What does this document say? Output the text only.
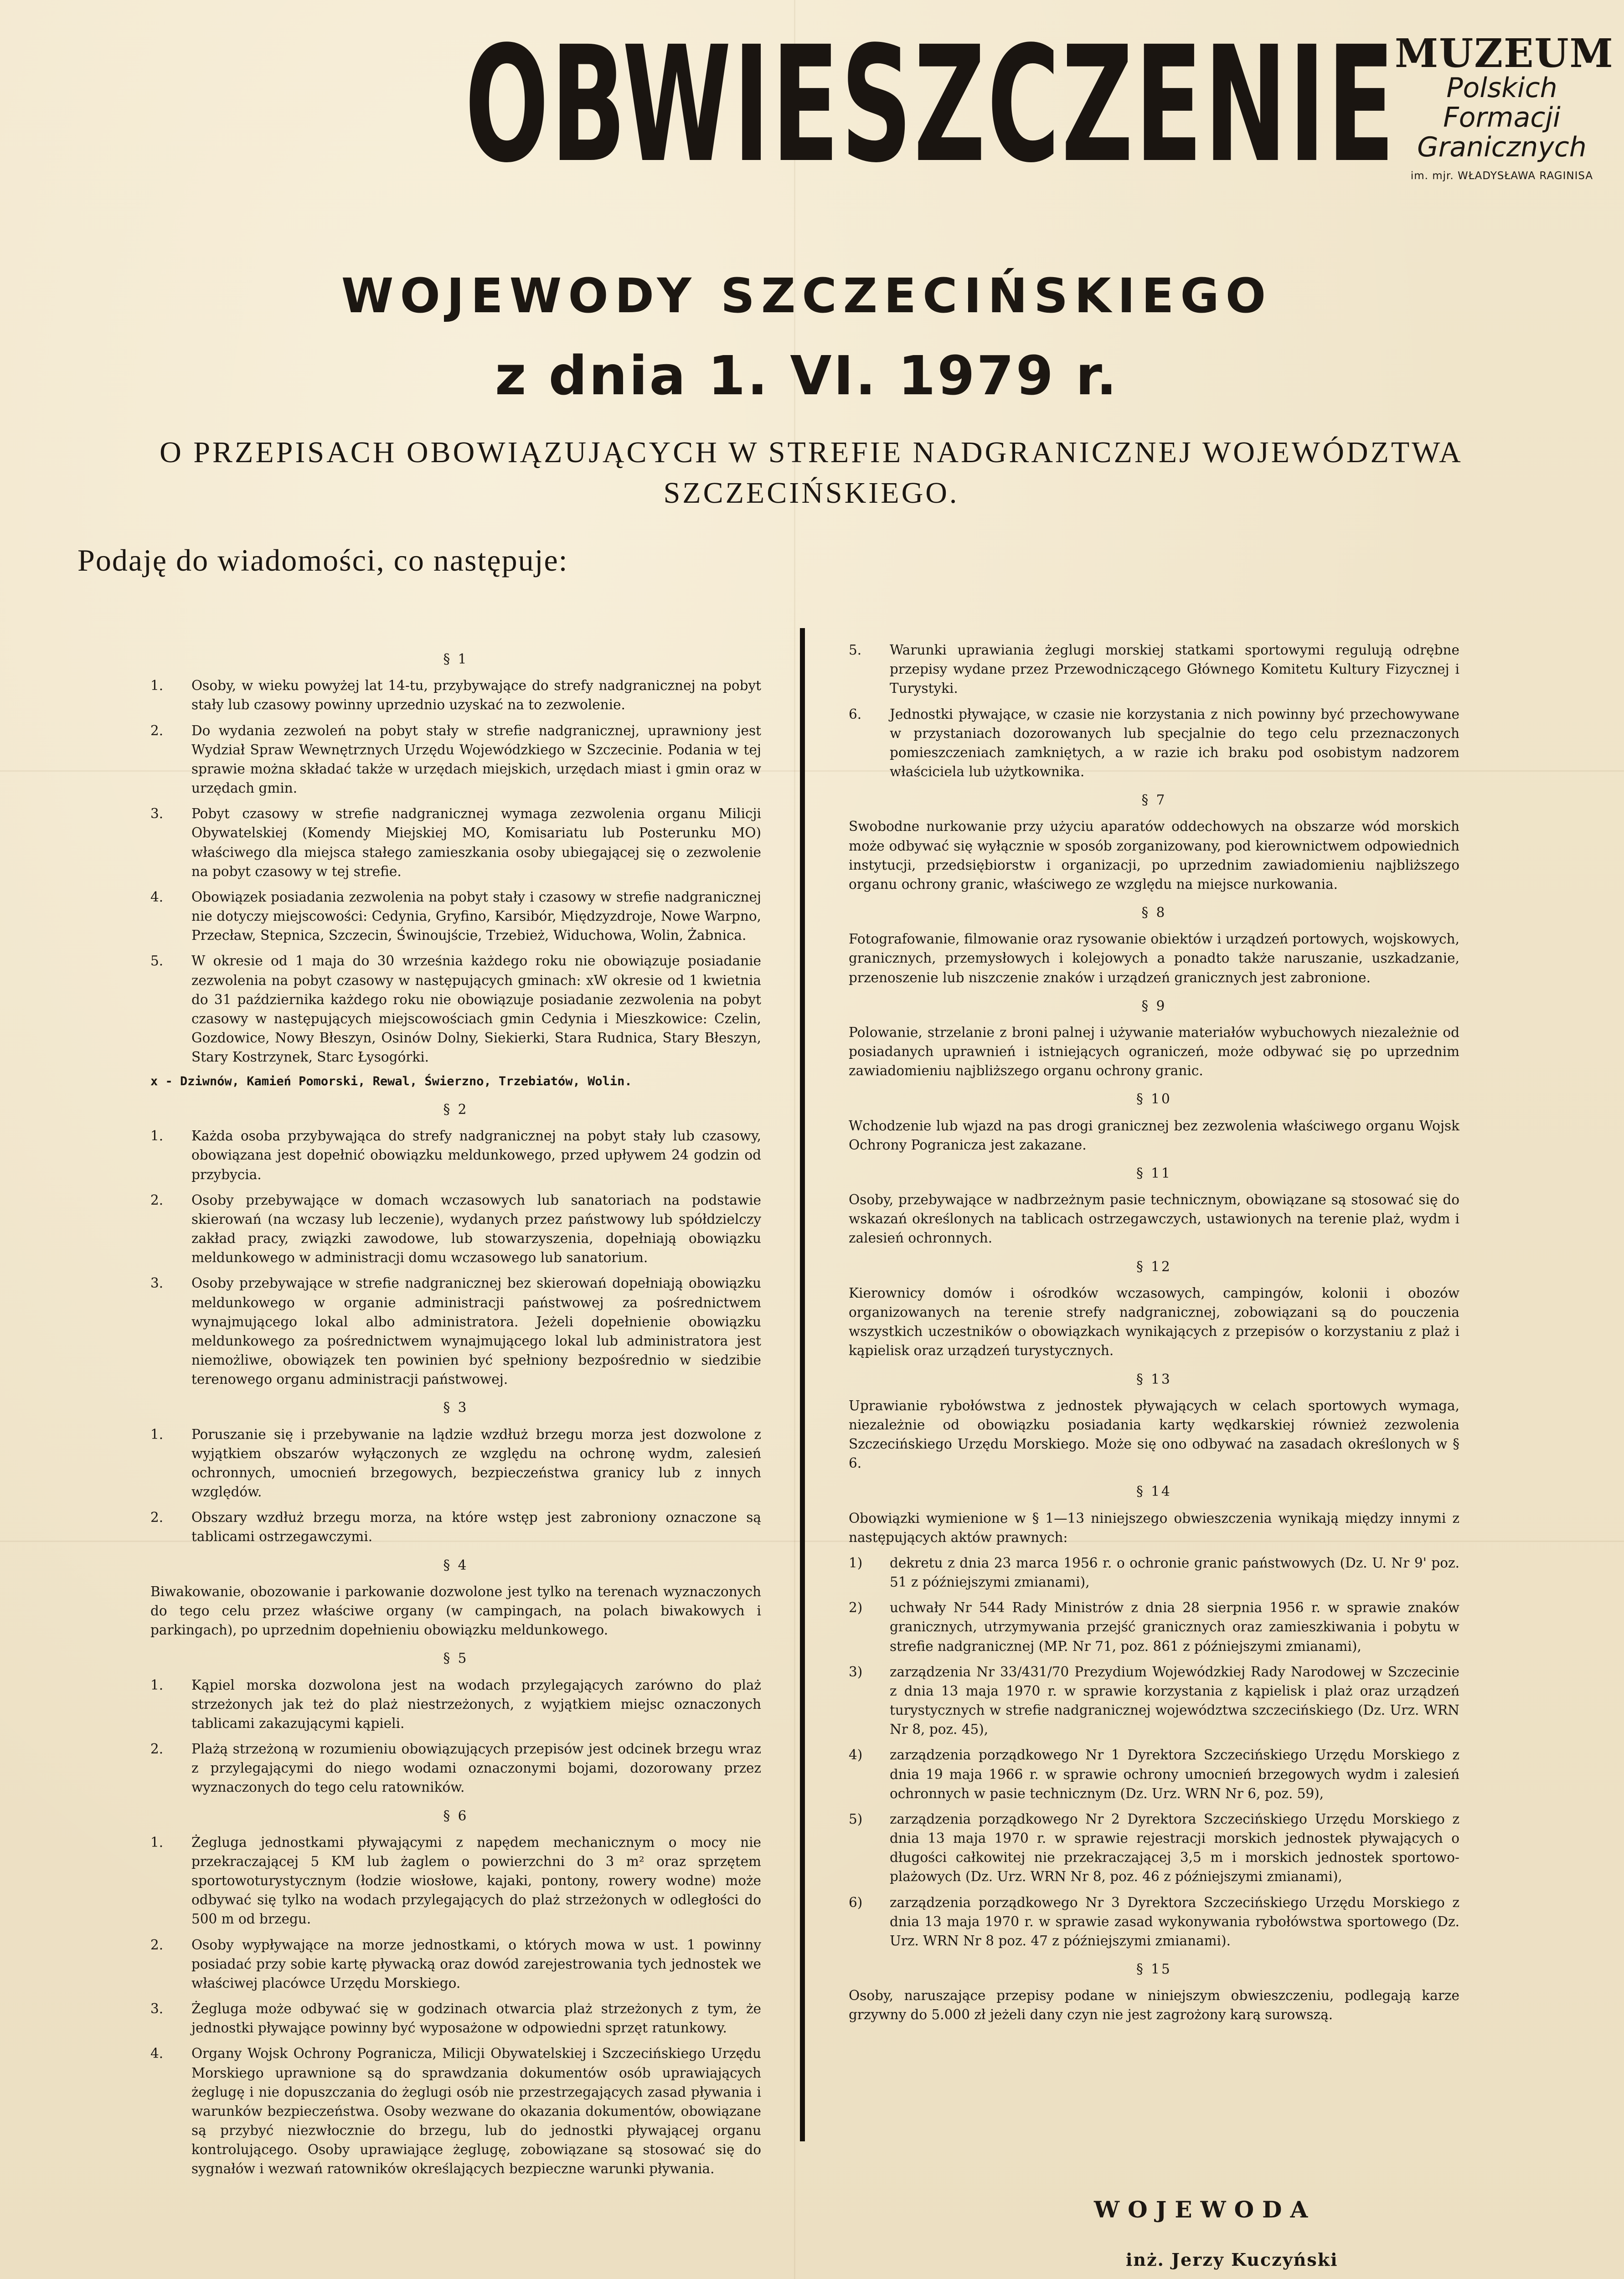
OBWIESZCZENIE
MUZEUM
Polskich
Formacji
Granicznych
im. mjr. WŁADYSŁAWA RAGINISA
WOJEWODY SZCZECIŃSKIEGO
z dnia 1. VI. 1979 r.
O PRZEPISACH OBOWIĄZUJĄCYCH W STREFIE NADGRANICZNEJ WOJEWÓDZTWA
SZCZECIŃSKIEGO.
Podaję do wiadomości, co następuje:
§ 1
1.	Osoby, w wieku powyżej lat 14-tu, przybywające do strefy nadgranicznej na pobyt stały lub czasowy powinny uprzednio uzyskać na to zezwolenie.
2.	Do wydania zezwoleń na pobyt stały w strefie nadgranicznej, uprawniony jest Wydział Spraw Wewnętrznych Urzędu Wojewódzkiego w Szczecinie. Podania w tej sprawie można składać także w urzędach miejskich, urzędach miast i gmin oraz w urzędach gmin.
3.	Pobyt czasowy w strefie nadgranicznej wymaga zezwolenia organu Milicji Obywatelskiej (Komendy Miejskiej MO, Komisariatu lub Posterunku MO) właściwego dla miejsca stałego zamieszkania osoby ubiegającej się o zezwolenie na pobyt czasowy w tej strefie.
4.	Obowiązek posiadania zezwolenia na pobyt stały i czasowy w strefie nadgranicznej nie dotyczy miejscowości: Cedynia, Gryfino, Karsibór, Międzyzdroje, Nowe Warpno, Przecław, Stepnica, Szczecin, Świnoujście, Trzebież, Widuchowa, Wolin, Żabnica.
5.	W okresie od 1 maja do 30 września każdego roku nie obowiązuje posiadanie zezwolenia na pobyt czasowy w następujących gminach: xW okresie od 1 kwietnia do 31 października każdego roku nie obowiązuje posiadanie zezwolenia na pobyt czasowy w następujących miejscowościach gmin Cedynia i Mieszkowice: Czelin, Gozdowice, Nowy Błeszyn, Osinów Dolny, Siekierki, Stara Rudnica, Stary Błeszyn, Stary Kostrzynek, Starc Łysogórki.
x - Dziwnów, Kamień Pomorski, Rewal, Świerzno, Trzebiatów, Wolin.
§ 2
1.	Każda osoba przybywająca do strefy nadgranicznej na pobyt stały lub czasowy, obowiązana jest dopełnić obowiązku meldunkowego, przed upływem 24 godzin od przybycia.
2.	Osoby przebywające w domach wczasowych lub sanatoriach na podstawie skierowań (na wczasy lub leczenie), wydanych przez państwowy lub spółdzielczy zakład pracy, związki zawodowe, lub stowarzyszenia, dopełniają obowiązku meldunkowego w administracji domu wczasowego lub sanatorium.
3.	Osoby przebywające w strefie nadgranicznej bez skierowań dopełniają obowiązku meldunkowego w organie administracji państwowej za pośrednictwem wynajmującego lokal albo administratora. Jeżeli dopełnienie obowiązku meldunkowego za pośrednictwem wynajmującego lokal lub administratora jest niemożliwe, obowiązek ten powinien być spełniony bezpośrednio w siedzibie terenowego organu administracji państwowej.
§ 3
1.	Poruszanie się i przebywanie na lądzie wzdłuż brzegu morza jest dozwolone z wyjątkiem obszarów wyłączonych ze względu na ochronę wydm, zalesień ochronnych, umocnień brzegowych, bezpieczeństwa granicy lub z innych względów.
2.	Obszary wzdłuż brzegu morza, na które wstęp jest zabroniony oznaczone są tablicami ostrzegawczymi.
§ 4
Biwakowanie, obozowanie i parkowanie dozwolone jest tylko na terenach wyznaczonych do tego celu przez właściwe organy (w campingach, na polach biwakowych i parkingach), po uprzednim dopełnieniu obowiązku meldunkowego.
§ 5
1.	Kąpiel morska dozwolona jest na wodach przylegających zarówno do plaż strzeżonych jak też do plaż niestrzeżonych, z wyjątkiem miejsc oznaczonych tablicami zakazującymi kąpieli.
2.	Plażą strzeżoną w rozumieniu obowiązujących przepisów jest odcinek brzegu wraz z przylegającymi do niego wodami oznaczonymi bojami, dozorowany przez wyznaczonych do tego celu ratowników.
§ 6
1.	Żegluga jednostkami pływającymi z napędem mechanicznym o mocy nie przekraczającej 5 KM lub żaglem o powierzchni do 3 m² oraz sprzętem sportowoturystycznym (łodzie wiosłowe, kajaki, pontony, rowery wodne) może odbywać się tylko na wodach przylegających do plaż strzeżonych w odległości do 500 m od brzegu.
2.	Osoby wypływające na morze jednostkami, o których mowa w ust. 1 powinny posiadać przy sobie kartę pływacką oraz dowód zarejestrowania tych jednostek we właściwej placówce Urzędu Morskiego.
3.	Żegluga może odbywać się w godzinach otwarcia plaż strzeżonych z tym, że jednostki pływające powinny być wyposażone w odpowiedni sprzęt ratunkowy.
4.	Organy Wojsk Ochrony Pogranicza, Milicji Obywatelskiej i Szczecińskiego Urzędu Morskiego uprawnione są do sprawdzania dokumentów osób uprawiających żeglugę i nie dopuszczania do żeglugi osób nie przestrzegających zasad pływania i warunków bezpieczeństwa. Osoby wezwane do okazania dokumentów, obowiązane są przybyć niezwłocznie do brzegu, lub do jednostki pływającej organu kontrolującego. Osoby uprawiające żeglugę, zobowiązane są stosować się do sygnałów i wezwań ratowników określających bezpieczne warunki pływania.
5.	Warunki uprawiania żeglugi morskiej statkami sportowymi regulują odrębne przepisy wydane przez Przewodniczącego Głównego Komitetu Kultury Fizycznej i Turystyki.
6.	Jednostki pływające, w czasie nie korzystania z nich powinny być przechowywane w przystaniach dozorowanych lub specjalnie do tego celu przeznaczonych pomieszczeniach zamkniętych, a w razie ich braku pod osobistym nadzorem właściciela lub użytkownika.
§ 7
Swobodne nurkowanie przy użyciu aparatów oddechowych na obszarze wód morskich może odbywać się wyłącznie w sposób zorganizowany, pod kierownictwem odpowiednich instytucji, przedsiębiorstw i organizacji, po uprzednim zawiadomieniu najbliższego organu ochrony granic, właściwego ze względu na miejsce nurkowania.
§ 8
Fotografowanie, filmowanie oraz rysowanie obiektów i urządzeń portowych, wojskowych, granicznych, przemysłowych i kolejowych a ponadto także naruszanie, uszkadzanie, przenoszenie lub niszczenie znaków i urządzeń granicznych jest zabronione.
§ 9
Polowanie, strzelanie z broni palnej i używanie materiałów wybuchowych niezależnie od posiadanych uprawnień i istniejących ograniczeń, może odbywać się po uprzednim zawiadomieniu najbliższego organu ochrony granic.
§ 10
Wchodzenie lub wjazd na pas drogi granicznej bez zezwolenia właściwego organu Wojsk Ochrony Pogranicza jest zakazane.
§ 11
Osoby, przebywające w nadbrzeżnym pasie technicznym, obowiązane są stosować się do wskazań określonych na tablicach ostrzegawczych, ustawionych na terenie plaż, wydm i zalesień ochronnych.
§ 12
Kierownicy domów i ośrodków wczasowych, campingów, kolonii i obozów organizowanych na terenie strefy nadgranicznej, zobowiązani są do pouczenia wszystkich uczestników o obowiązkach wynikających z przepisów o korzystaniu z plaż i kąpielisk oraz urządzeń turystycznych.
§ 13
Uprawianie rybołówstwa z jednostek pływających w celach sportowych wymaga, niezależnie od obowiązku posiadania karty wędkarskiej również zezwolenia Szczecińskiego Urzędu Morskiego. Może się ono odbywać na zasadach określonych w § 6.
§ 14
Obowiązki wymienione w § 1—13 niniejszego obwieszczenia wynikają między innymi z następujących aktów prawnych:
1)	dekretu z dnia 23 marca 1956 r. o ochronie granic państwowych (Dz. U. Nr 9' poz. 51 z późniejszymi zmianami),
2)	uchwały Nr 544 Rady Ministrów z dnia 28 sierpnia 1956 r. w sprawie znaków granicznych, utrzymywania przejść granicznych oraz zamieszkiwania i pobytu w strefie nadgranicznej (MP. Nr 71, poz. 861 z późniejszymi zmianami),
3)	zarządzenia Nr 33/431/70 Prezydium Wojewódzkiej Rady Narodowej w Szczecinie z dnia 13 maja 1970 r. w sprawie korzystania z kąpielisk i plaż oraz urządzeń turystycznych w strefie nadgranicznej województwa szczecińskiego (Dz. Urz. WRN Nr 8, poz. 45),
4)	zarządzenia porządkowego Nr 1 Dyrektora Szczecińskiego Urzędu Morskiego z dnia 19 maja 1966 r. w sprawie ochrony umocnień brzegowych wydm i zalesień ochronnych w pasie technicznym (Dz. Urz. WRN Nr 6, poz. 59),
5)	zarządzenia porządkowego Nr 2 Dyrektora Szczecińskiego Urzędu Morskiego z dnia 13 maja 1970 r. w sprawie rejestracji morskich jednostek pływających o długości całkowitej nie przekraczającej 3,5 m i morskich jednostek sportowo-plażowych (Dz. Urz. WRN Nr 8, poz. 46 z późniejszymi zmianami),
6)	zarządzenia porządkowego Nr 3 Dyrektora Szczecińskiego Urzędu Morskiego z dnia 13 maja 1970 r. w sprawie zasad wykonywania rybołówstwa sportowego (Dz. Urz. WRN Nr 8 poz. 47 z późniejszymi zmianami).
§ 15
Osoby, naruszające przepisy podane w niniejszym obwieszczeniu, podlegają karze grzywny do 5.000 zł jeżeli dany czyn nie jest zagrożony karą surowszą.
WOJEWODA
inż. Jerzy Kuczyński
